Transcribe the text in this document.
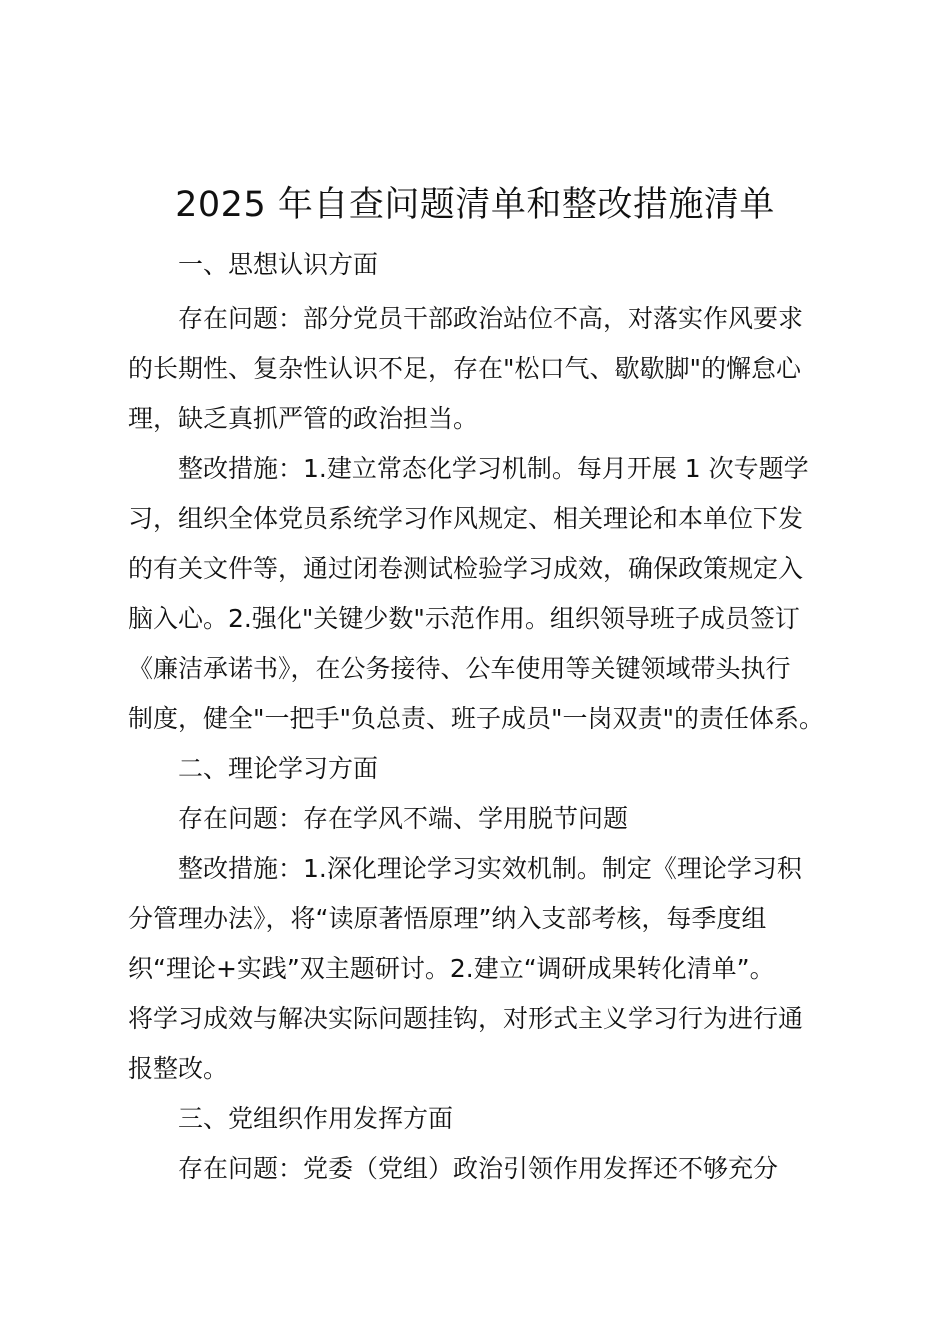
2025 年自查问题清单和整改措施清单

一、思想认识方面

存在问题：部分党员干部政治站位不高，对落实作风要求

的长期性、复杂性认识不足，存在"松口气、歇歇脚"的懈怠心

理，缺乏真抓严管的政治担当。

整改措施：1.建立常态化学习机制。每月开展 1 次专题学

习，组织全体党员系统学习作风规定、相关理论和本单位下发

的有关文件等，通过闭卷测试检验学习成效，确保政策规定入

脑入心。2.强化"关键少数"示范作用。组织领导班子成员签订

《廉洁承诺书》，在公务接待、公车使用等关键领域带头执行

制度，健全"一把手"负总责、班子成员"一岗双责"的责任体系。

二、理论学习方面

存在问题：存在学风不端、学用脱节问题

整改措施：1.深化理论学习实效机制。制定《理论学习积

分管理办法》，将“读原著悟原理”纳入支部考核，每季度组

织“理论+实践”双主题研讨。2.建立“调研成果转化清单”。

将学习成效与解决实际问题挂钩，对形式主义学习行为进行通

报整改。

三、党组织作用发挥方面

存在问题：党委（党组）政治引领作用发挥还不够充分
